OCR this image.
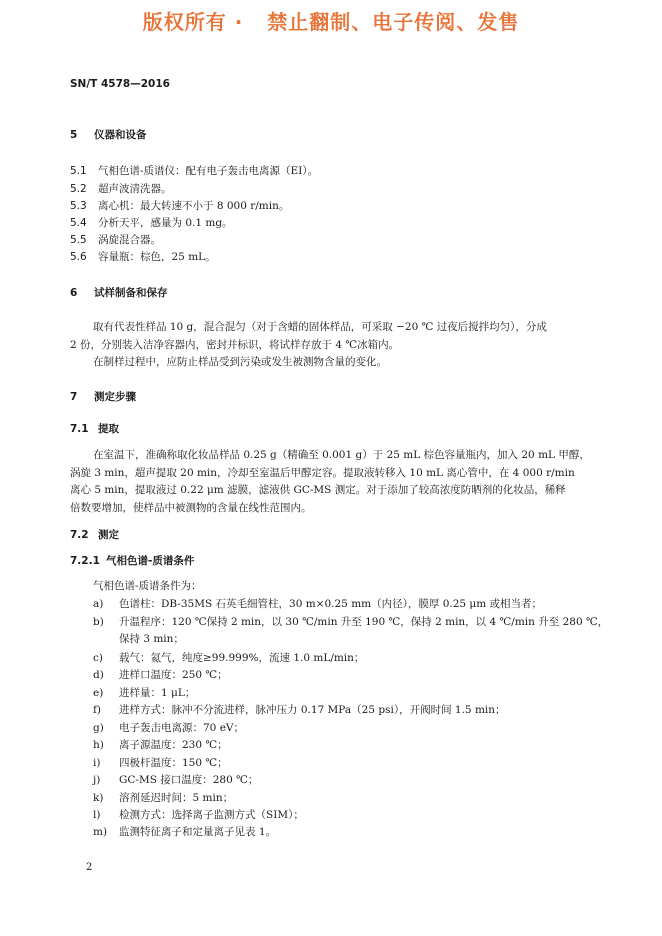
版权所有 ·   禁止翻制、电子传阅、发售
SN/T 4578—2016
5 仪器和设备
5.1 气相色谱-质谱仪：配有电子轰击电离源（EI）。
5.2 超声波清洗器。
5.3 离心机：最大转速不小于 8 000 r/min。
5.4 分析天平，感量为 0.1 mg。
5.5 涡旋混合器。
5.6 容量瓶：棕色，25 mL。
6 试样制备和保存
取有代表性样品 10 g，混合混匀（对于含蜡的固体样品，可采取 −20 ℃ 过夜后搅拌均匀），分成
2 份，分别装入洁净容器内，密封并标识，将试样存放于 4 ℃冰箱内。
在制样过程中，应防止样品受到污染或发生被测物含量的变化。
7 测定步骤
7.1 提取
在室温下，准确称取化妆品样品 0.25 g（精确至 0.001 g）于 25 mL 棕色容量瓶内，加入 20 mL 甲醇，
涡旋 3 min，超声提取 20 min，冷却至室温后甲醇定容。提取液转移入 10 mL 离心管中，在 4 000 r/min
离心 5 min，提取液过 0.22 μm 滤膜，滤液供 GC-MS 测定。对于添加了较高浓度防晒剂的化妆品，稀释
倍数要增加，使样品中被测物的含量在线性范围内。
7.2 测定
7.2.1 气相色谱-质谱条件
气相色谱-质谱条件为：
a) 色谱柱：DB-35MS 石英毛细管柱，30 m×0.25 mm（内径），膜厚 0.25 μm 或相当者；
b) 升温程序：120 ℃保持 2 min，以 30 ℃/min 升至 190 ℃，保持 2 min，以 4 ℃/min 升至 280 ℃，
保持 3 min；
c) 载气：氦气，纯度≥99.999%，流速 1.0 mL/min；
d) 进样口温度：250 ℃；
e) 进样量：1 μL；
f) 进样方式：脉冲不分流进样，脉冲压力 0.17 MPa（25 psi），开阀时间 1.5 min；
g) 电子轰击电离源：70 eV；
h) 离子源温度：230 ℃；
i) 四极杆温度：150 ℃；
j) GC-MS 接口温度：280 ℃；
k) 溶剂延迟时间：5 min；
l) 检测方式：选择离子监测方式（SIM）；
m) 监测特征离子和定量离子见表 1。
2
